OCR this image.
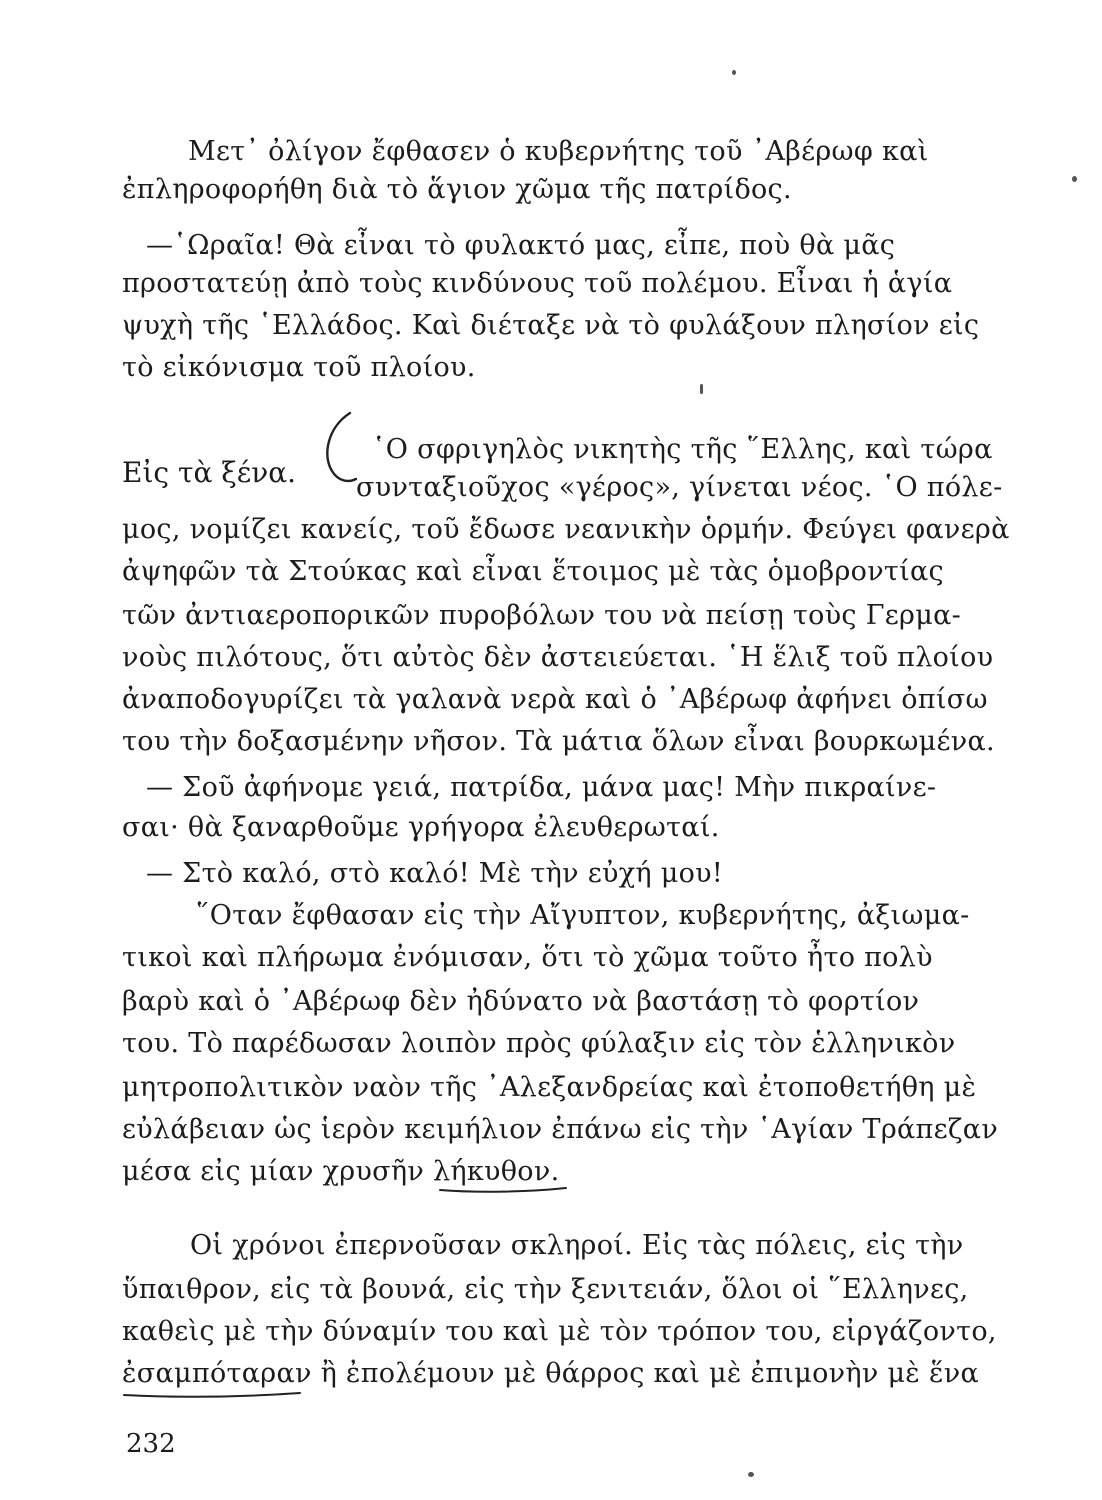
Μετ᾽ ὀλίγον ἔφθασεν ὁ κυβερνήτης τοῦ ᾽Αβέρωφ καὶ
ἐπληροφορήθη διὰ τὸ ἅγιον χῶμα τῆς πατρίδος.
—῾Ωραῖα! Θὰ εἶναι τὸ φυλακτό μας, εἶπε, ποὺ θὰ μᾶς
προστατεύῃ ἀπὸ τοὺς κινδύνους τοῦ πολέμου. Εἶναι ἡ ἁγία
ψυχὴ τῆς ῾Ελλάδος. Καὶ διέταξε νὰ τὸ φυλάξουν πλησίον εἰς
τὸ εἰκόνισμα τοῦ πλοίου.
Εἰς τὰ ξένα.
῾Ο σφριγηλὸς νικητὴς τῆς ῞Ελλης, καὶ τώρα
συνταξιοῦχος «γέρος», γίνεται νέος. ῾Ο πόλε-
μος, νομίζει κανείς, τοῦ ἔδωσε νεανικὴν ὁρμήν. Φεύγει φανερὰ
ἀψηφῶν τὰ Στούκας καὶ εἶναι ἕτοιμος μὲ τὰς ὁμοβροντίας
τῶν ἀντιαεροπορικῶν πυροβόλων του νὰ πείσῃ τοὺς Γερμα-
νοὺς πιλότους, ὅτι αὐτὸς δὲν ἀστειεύεται. ῾Η ἕλιξ τοῦ πλοίου
ἀναποδογυρίζει τὰ γαλανὰ νερὰ καὶ ὁ ᾽Αβέρωφ ἀφήνει ὀπίσω
του τὴν δοξασμένην νῆσον. Τὰ μάτια ὅλων εἶναι βουρκωμένα.
— Σοῦ ἀφήνομε γειά, πατρίδα, μάνα μας! Μὴν πικραίνε-
σαι· θὰ ξαναρθοῦμε γρήγορα ἐλευθερωταί.
— Στὸ καλό, στὸ καλό! Μὲ τὴν εὐχή μου!
῞Οταν ἔφθασαν εἰς τὴν Αἴγυπτον, κυβερνήτης, ἀξιωμα-
τικοὶ καὶ πλήρωμα ἐνόμισαν, ὅτι τὸ χῶμα τοῦτο ἦτο πολὺ
βαρὺ καὶ ὁ ᾽Αβέρωφ δὲν ἠδύνατο νὰ βαστάσῃ τὸ φορτίον
του. Τὸ παρέδωσαν λοιπὸν πρὸς φύλαξιν εἰς τὸν ἑλληνικὸν
μητροπολιτικὸν ναὸν τῆς ᾽Αλεξανδρείας καὶ ἐτοποθετήθη μὲ
εὐλάβειαν ὡς ἱερὸν κειμήλιον ἐπάνω εἰς τὴν ῾Αγίαν Τράπεζαν
μέσα εἰς μίαν χρυσῆν λήκυθον.
Οἱ χρόνοι ἐπερνοῦσαν σκληροί. Εἰς τὰς πόλεις, εἰς τὴν
ὕπαιθρον, εἰς τὰ βουνά, εἰς τὴν ξενιτειάν, ὅλοι οἱ ῞Ελληνες,
καθεὶς μὲ τὴν δύναμίν του καὶ μὲ τὸν τρόπον του, εἰργάζοντο,
ἐσαμπόταραν ἢ ἐπολέμουν μὲ θάρρος καὶ μὲ ἐπιμονὴν μὲ ἕνα
232
